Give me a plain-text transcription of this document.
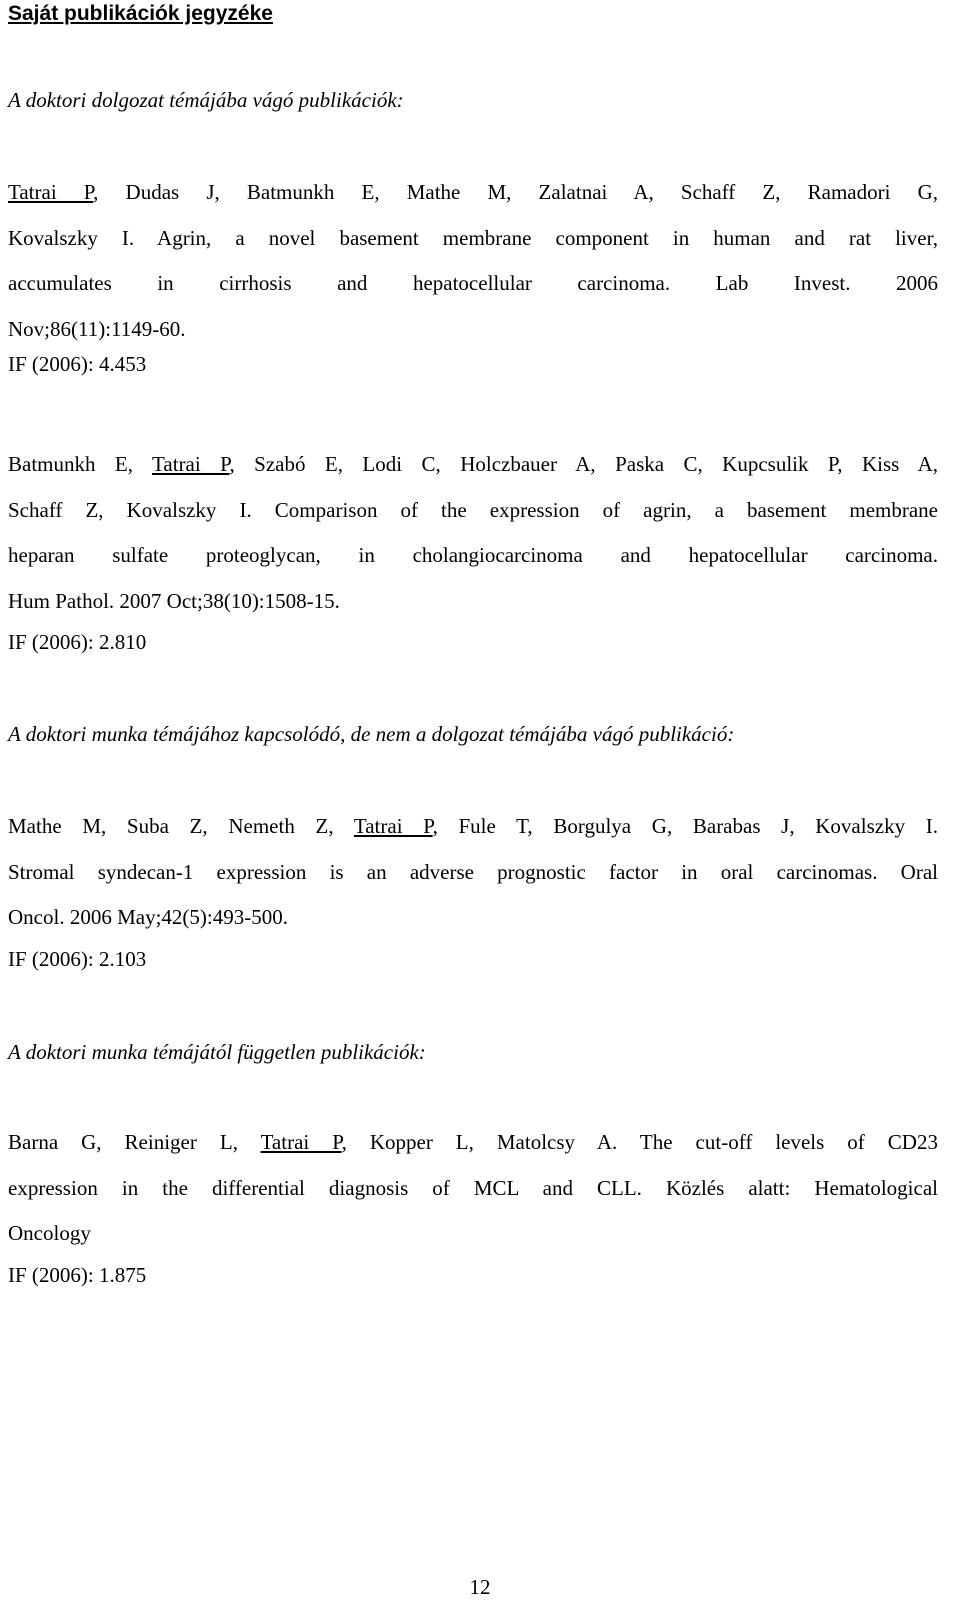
Saját publikációk jegyzéke
A doktori dolgozat témájába vágó publikációk:
Tatrai P, Dudas J, Batmunkh E, Mathe M, Zalatnai A, Schaff Z, Ramadori G,
Kovalszky I. Agrin, a novel basement membrane component in human and rat liver,
accumulates in cirrhosis and hepatocellular carcinoma. Lab Invest. 2006
Nov;86(11):1149-60.
IF (2006): 4.453
Batmunkh E, Tatrai P, Szabó E, Lodi C, Holczbauer A, Paska C, Kupcsulik P, Kiss A,
Schaff Z, Kovalszky I. Comparison of the expression of agrin, a basement membrane
heparan sulfate proteoglycan, in cholangiocarcinoma and hepatocellular carcinoma.
Hum Pathol. 2007 Oct;38(10):1508-15.
IF (2006): 2.810
A doktori munka témájához kapcsolódó, de nem a dolgozat témájába vágó publikáció:
Mathe M, Suba Z, Nemeth Z, Tatrai P, Fule T, Borgulya G, Barabas J, Kovalszky I.
Stromal syndecan-1 expression is an adverse prognostic factor in oral carcinomas. Oral
Oncol. 2006 May;42(5):493-500.
IF (2006): 2.103
A doktori munka témájától független publikációk:
Barna G, Reiniger L, Tatrai P, Kopper L, Matolcsy A. The cut-off levels of CD23
expression in the differential diagnosis of MCL and CLL. Közlés alatt: Hematological
Oncology
IF (2006): 1.875
12
